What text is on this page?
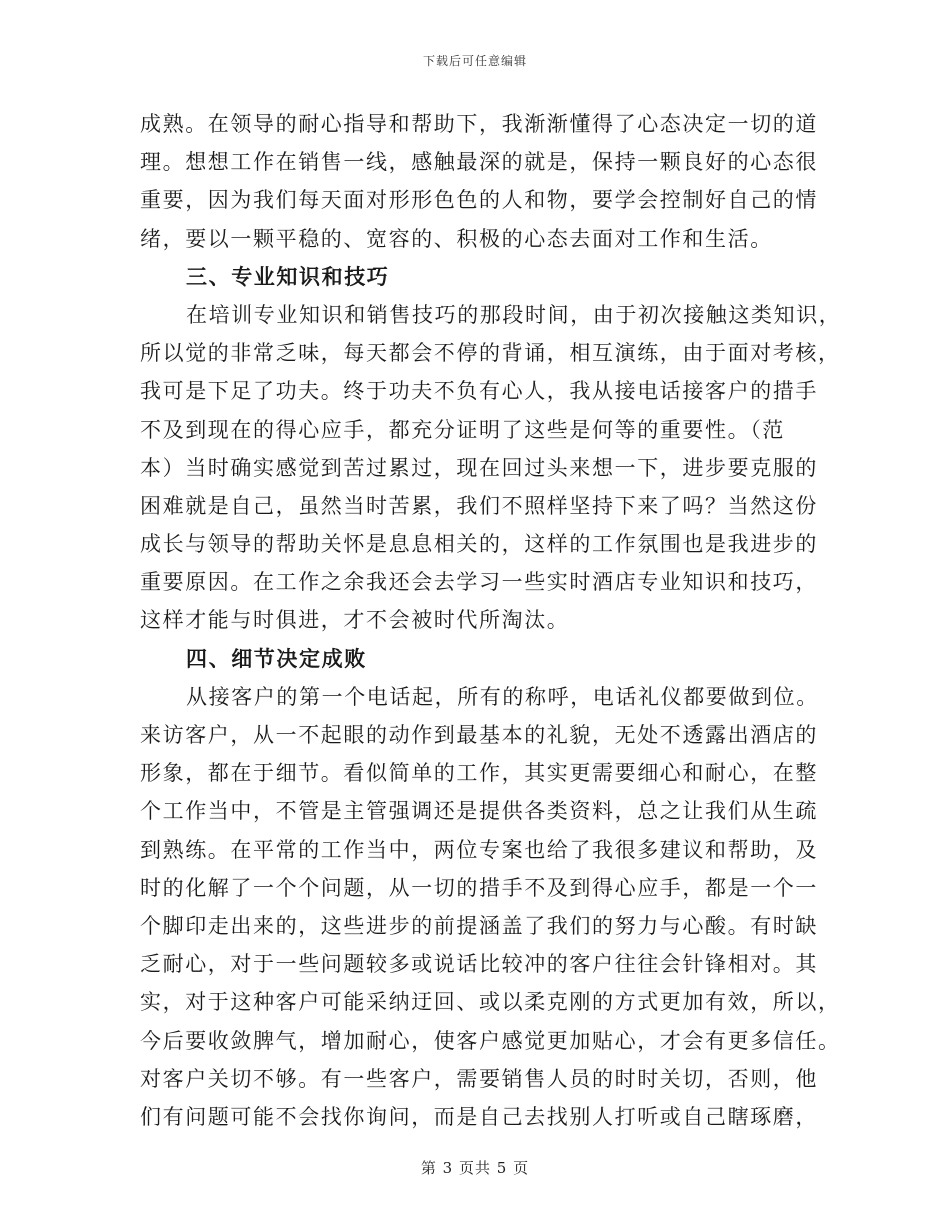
下载后可任意编辑
成熟。在领导的耐心指导和帮助下，我渐渐懂得了心态决定一切的道
理。想想工作在销售一线，感触最深的就是，保持一颗良好的心态很
重要，因为我们每天面对形形色色的人和物，要学会控制好自己的情
绪，要以一颗平稳的、宽容的、积极的心态去面对工作和生活。
三、专业知识和技巧
在培训专业知识和销售技巧的那段时间，由于初次接触这类知识，
所以觉的非常乏味，每天都会不停的背诵，相互演练，由于面对考核，
我可是下足了功夫。终于功夫不负有心人，我从接电话接客户的措手
不及到现在的得心应手，都充分证明了这些是何等的重要性。（范
本）当时确实感觉到苦过累过，现在回过头来想一下，进步要克服的
困难就是自己，虽然当时苦累，我们不照样坚持下来了吗？当然这份
成长与领导的帮助关怀是息息相关的，这样的工作氛围也是我进步的
重要原因。在工作之余我还会去学习一些实时酒店专业知识和技巧，
这样才能与时俱进，才不会被时代所淘汰。
四、细节决定成败
从接客户的第一个电话起，所有的称呼，电话礼仪都要做到位。
来访客户，从一不起眼的动作到最基本的礼貌，无处不透露出酒店的
形象，都在于细节。看似简单的工作，其实更需要细心和耐心，在整
个工作当中，不管是主管强调还是提供各类资料，总之让我们从生疏
到熟练。在平常的工作当中，两位专案也给了我很多建议和帮助，及
时的化解了一个个问题，从一切的措手不及到得心应手，都是一个一
个脚印走出来的，这些进步的前提涵盖了我们的努力与心酸。有时缺
乏耐心，对于一些问题较多或说话比较冲的客户往往会针锋相对。其
实，对于这种客户可能采纳迂回、或以柔克刚的方式更加有效，所以，
今后要收敛脾气，增加耐心，使客户感觉更加贴心，才会有更多信任。
对客户关切不够。有一些客户，需要销售人员的时时关切，否则，他
们有问题可能不会找你询问，而是自己去找别人打听或自己瞎琢磨，
第 3 页共 5 页
